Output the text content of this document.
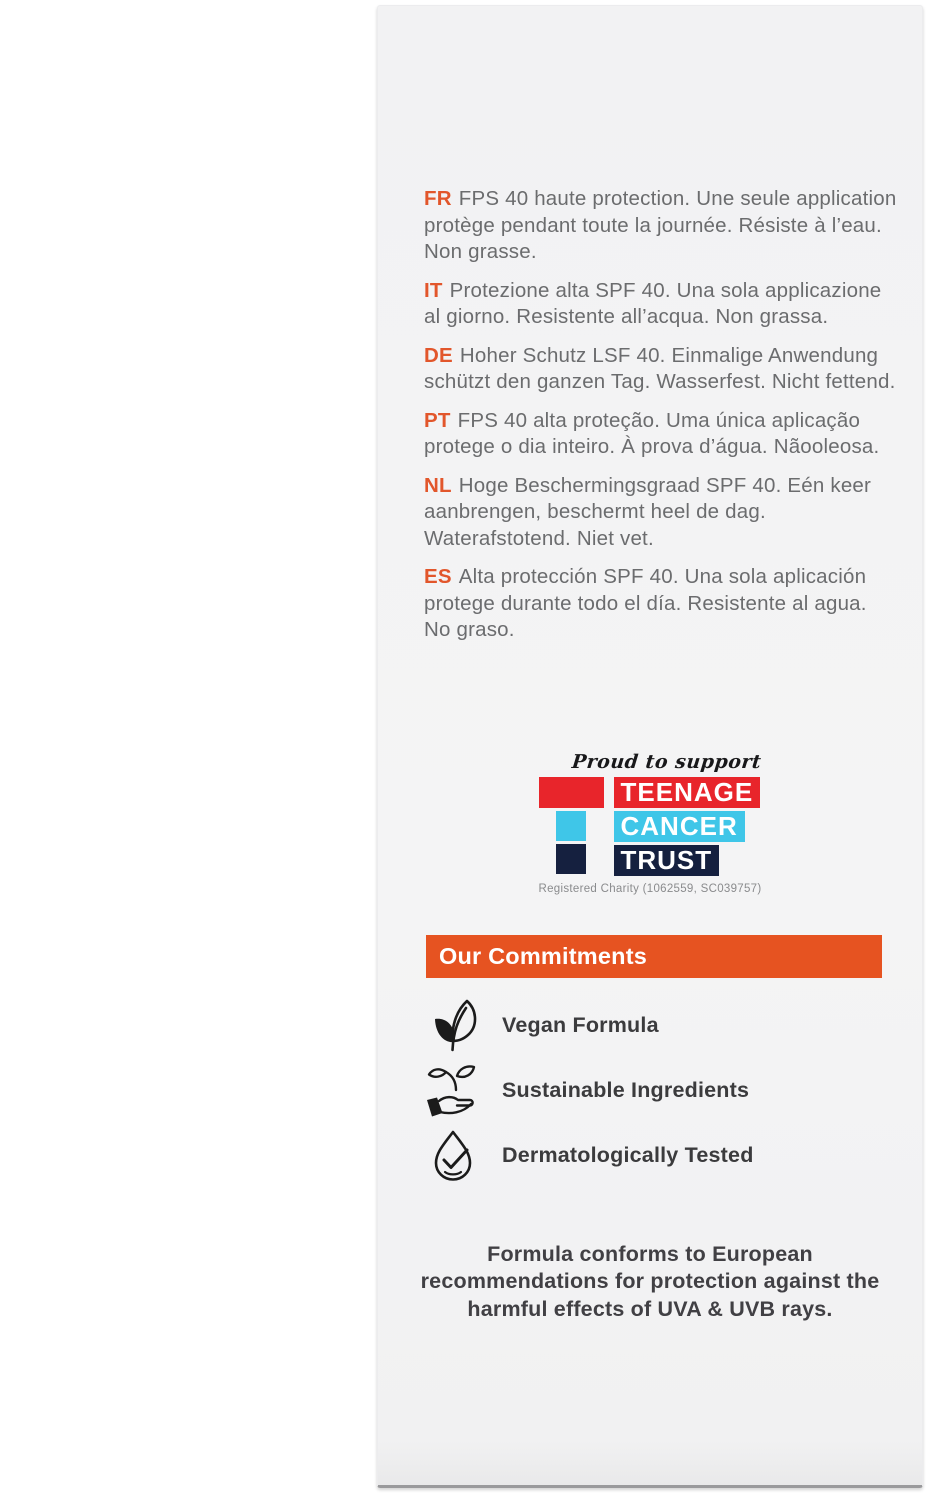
FR FPS 40 haute protection. Une seule application protège pendant toute la journée. Résiste à l’eau. Non grasse.

IT Protezione alta SPF 40. Una sola applicazione al giorno. Resistente all’acqua. Non grassa.

DE Hoher Schutz LSF 40. Einmalige Anwendung schützt den ganzen Tag. Wasserfest. Nicht fettend.

PT FPS 40 alta proteção. Uma única aplicação protege o dia inteiro. À prova d’água. Nãooleosa.

NL Hoge Beschermingsgraad SPF 40. Eén keer aanbrengen, beschermt heel de dag. Waterafstotend. Niet vet.

ES Alta protección SPF 40. Una sola aplicación protege durante todo el día. Resistente al agua. No graso.

Proud to support
TEENAGE
CANCER
TRUST
Registered Charity (1062559, SC039757)
Our Commitments
Vegan Formula
Sustainable Ingredients
Dermatologically Tested

Formula conforms to European recommendations for protection against the harmful effects of UVA & UVB rays.
